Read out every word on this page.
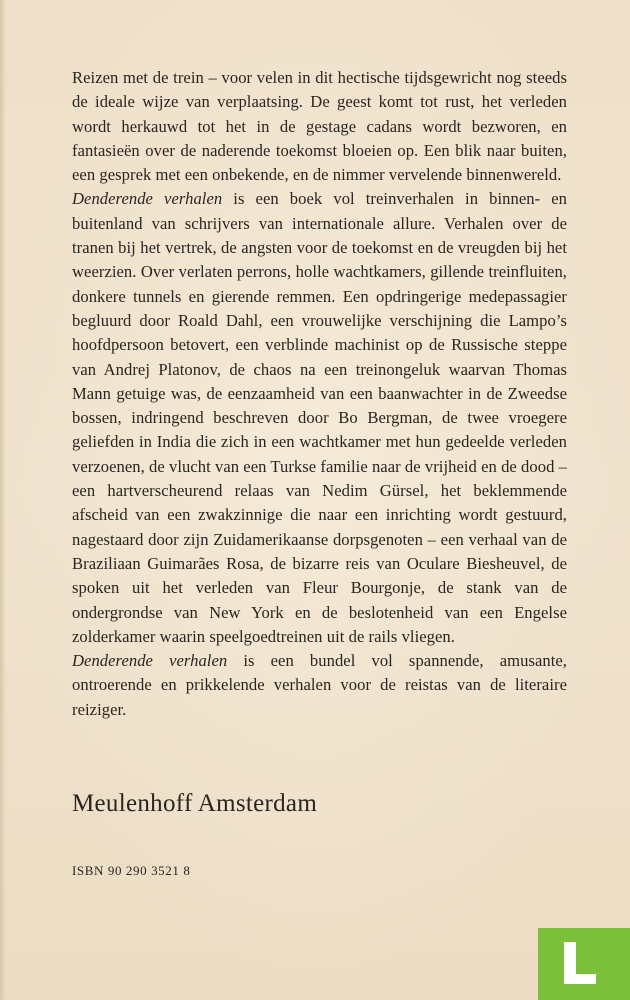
Reizen met de trein – voor velen in dit hectische tijdsgewricht nog steeds de ideale wijze van verplaatsing. De geest komt tot rust, het verleden wordt herkauwd tot het in de gestage cadans wordt bezworen, en fantasieën over de naderende toekomst bloeien op. Een blik naar buiten, een gesprek met een onbekende, en de nimmer vervelende binnenwereld.

Denderende verhalen is een boek vol treinverhalen in binnen- en buitenland van schrijvers van internationale allure. Verhalen over de tranen bij het vertrek, de angsten voor de toekomst en de vreugden bij het weerzien. Over verlaten perrons, holle wachtkamers, gillende treinfluiten, donkere tunnels en gierende remmen. Een opdringerige medepassagier begluurd door Roald Dahl, een vrouwelijke verschijning die Lampo’s hoofdpersoon betovert, een verblinde machinist op de Russische steppe van Andrej Platonov, de chaos na een treinongeluk waarvan Thomas Mann getuige was, de eenzaamheid van een baanwachter in de Zweedse bossen, indringend beschreven door Bo Bergman, de twee vroegere geliefden in India die zich in een wachtkamer met hun gedeelde verleden verzoenen, de vlucht van een Turkse familie naar de vrijheid en de dood – een hartverscheurend relaas van Nedim Gürsel, het beklemmende afscheid van een zwakzinnige die naar een inrichting wordt gestuurd, nagestaard door zijn Zuidamerikaanse dorpsgenoten – een verhaal van de Braziliaan Guimarães Rosa, de bizarre reis van Oculare Biesheuvel, de spoken uit het verleden van Fleur Bourgonje, de stank van de ondergrondse van New York en de beslotenheid van een Engelse zolderkamer waarin speelgoedtreinen uit de rails vliegen.

Denderende verhalen is een bundel vol spannende, amusante, ontroerende en prikkelende verhalen voor de reistas van de literaire reiziger.

Meulenhoff Amsterdam
ISBN 90 290 3521 8
